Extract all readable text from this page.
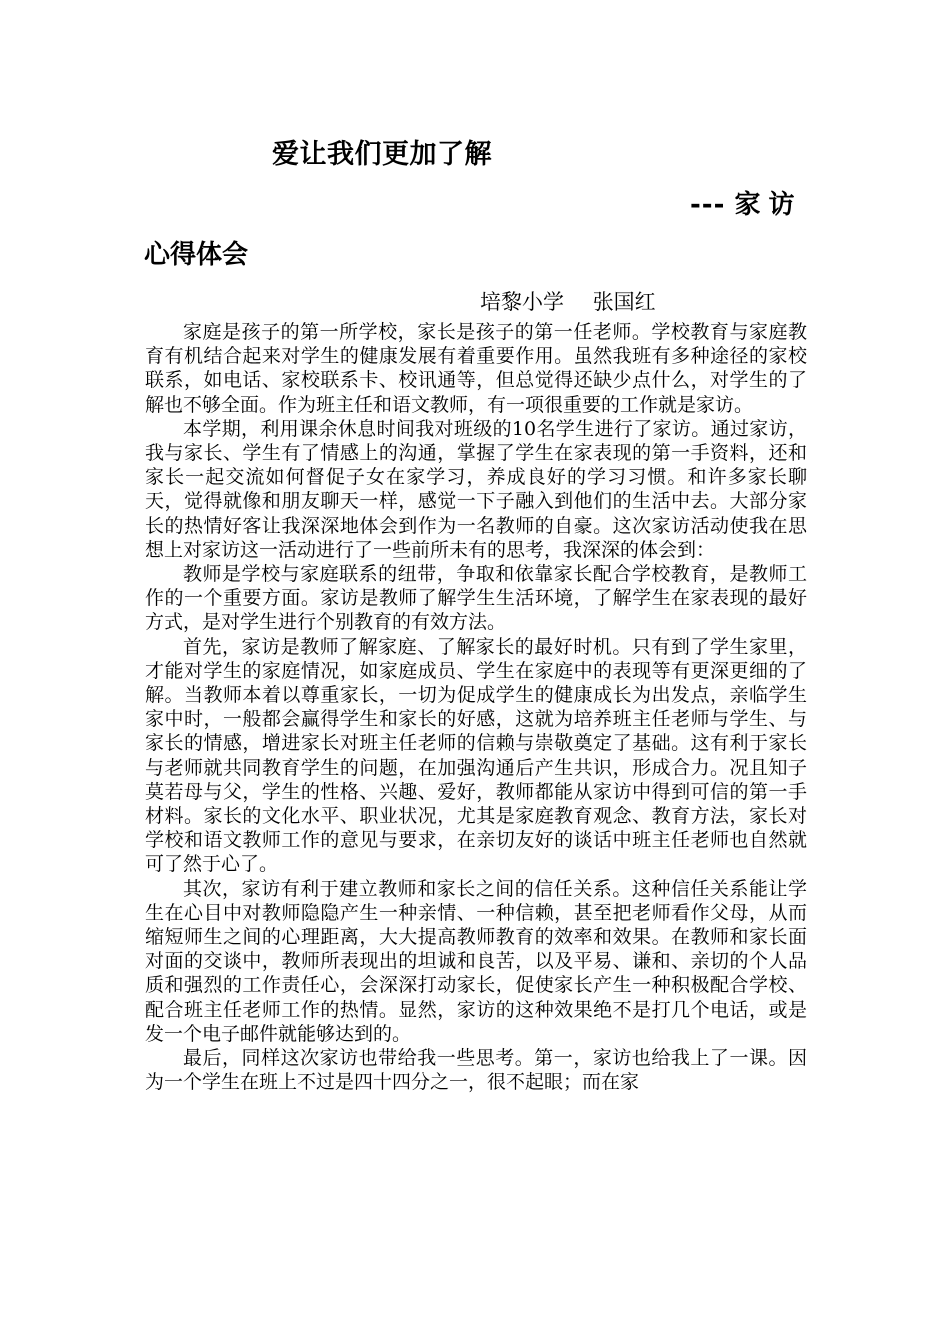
爱让我们更加了解
--- 家访
心得体会
培黎小学 张国红

家庭是孩子的第一所学校，家长是孩子的第一任老师。学校教育与家庭教育有机结合起来对学生的健康发展有着重要作用。虽然我班有多种途径的家校联系，如电话、家校联系卡、校讯通等，但总觉得还缺少点什么，对学生的了解也不够全面。作为班主任和语文教师，有一项很重要的工作就是家访。

本学期，利用课余休息时间我对班级的10名学生进行了家访。通过家访，我与家长、学生有了情感上的沟通，掌握了学生在家表现的第一手资料，还和家长一起交流如何督促子女在家学习，养成良好的学习习惯。和许多家长聊天，觉得就像和朋友聊天一样，感觉一下子融入到他们的生活中去。大部分家长的热情好客让我深深地体会到作为一名教师的自豪。这次家访活动使我在思想上对家访这一活动进行了一些前所未有的思考，我深深的体会到：

教师是学校与家庭联系的纽带，争取和依靠家长配合学校教育，是教师工作的一个重要方面。家访是教师了解学生生活环境，了解学生在家表现的最好方式，是对学生进行个别教育的有效方法。

首先，家访是教师了解家庭、了解家长的最好时机。只有到了学生家里，才能对学生的家庭情况，如家庭成员、学生在家庭中的表现等有更深更细的了解。当教师本着以尊重家长，一切为促成学生的健康成长为出发点，亲临学生家中时，一般都会赢得学生和家长的好感，这就为培养班主任老师与学生、与家长的情感，增进家长对班主任老师的信赖与崇敬奠定了基础。这有利于家长与老师就共同教育学生的问题，在加强沟通后产生共识，形成合力。况且知子莫若母与父，学生的性格、兴趣、爱好，教师都能从家访中得到可信的第一手材料。家长的文化水平、职业状况，尤其是家庭教育观念、教育方法，家长对学校和语文教师工作的意见与要求，在亲切友好的谈话中班主任老师也自然就可了然于心了。

其次，家访有利于建立教师和家长之间的信任关系。这种信任关系能让学生在心目中对教师隐隐产生一种亲情、一种信赖，甚至把老师看作父母，从而缩短师生之间的心理距离，大大提高教师教育的效率和效果。在教师和家长面对面的交谈中，教师所表现出的坦诚和良苦，以及平易、谦和、亲切的个人品质和强烈的工作责任心，会深深打动家长，促使家长产生一种积极配合学校、配合班主任老师工作的热情。显然，家访的这种效果绝不是打几个电话，或是发一个电子邮件就能够达到的。

最后，同样这次家访也带给我一些思考。第一，家访也给我上了一课。因为一个学生在班上不过是四十四分之一，很不起眼；而在家
